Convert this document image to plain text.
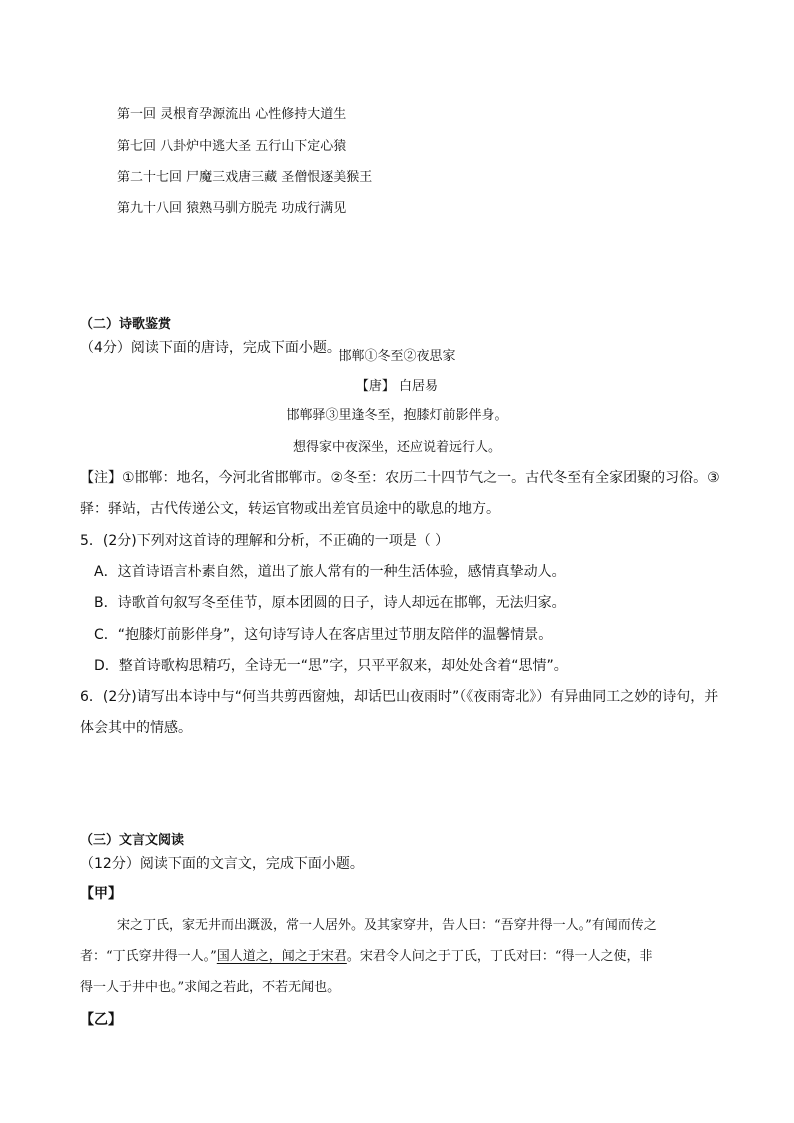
第一回 灵根育孕源流出 心性修持大道生
第七回 八卦炉中逃大圣 五行山下定心猿
第二十七回 尸魔三戏唐三藏 圣僧恨逐美猴王
第九十八回 猿熟马驯方脱壳 功成行满见
（二）诗歌鉴赏
（4分）阅读下面的唐诗，完成下面小题。
邯郸①冬至②夜思家
【唐】 白居易
邯郸驿③里逢冬至，抱膝灯前影伴身。
想得家中夜深坐，还应说着远行人。
【注】①邯郸：地名，今河北省邯郸市。②冬至：农历二十四节气之一。古代冬至有全家团聚的习俗。③
驿：驿站，古代传递公文，转运官物或出差官员途中的歇息的地方。
5．(2分)下列对这首诗的理解和分析，不正确的一项是（ ）
A．这首诗语言朴素自然，道出了旅人常有的一种生活体验，感情真挚动人。
B．诗歌首句叙写冬至佳节，原本团圆的日子，诗人却远在邯郸，无法归家。
C．“抱膝灯前影伴身”，这句诗写诗人在客店里过节朋友陪伴的温馨情景。
D．整首诗歌构思精巧，全诗无一“思”字，只平平叙来，却处处含着“思情”。
6．(2分)请写出本诗中与“何当共剪西窗烛，却话巴山夜雨时”（《夜雨寄北》）有异曲同工之妙的诗句，并
体会其中的情感。
（三）文言文阅读
（12分）阅读下面的文言文，完成下面小题。
【甲】
宋之丁氏，家无井而出溉汲，常一人居外。及其家穿井，告人曰：“吾穿井得一人。”有闻而传之
者：“丁氏穿井得一人。”国人道之，闻之于宋君。宋君令人问之于丁氏，丁氏对曰：“得一人之使，非
得一人于井中也。”求闻之若此，不若无闻也。
【乙】
